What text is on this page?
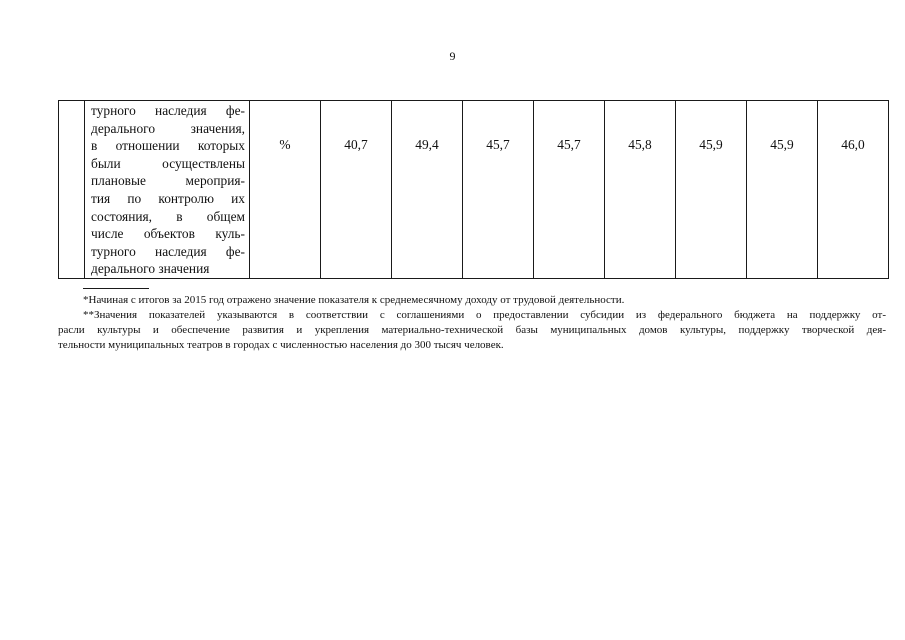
9

турного наследия фе-
дерального значения,
в отношении которых
были осуществлены
плановые мероприя-
тия по контролю их
состояния, в общем
числе объектов куль-
турного наследия фе-
дерального значения
	%	40,7	49,4	45,7	45,7	45,8	45,9	45,9	46,0
*Начиная с итогов за 2015 год отражено значение показателя к среднемесячному доходу от трудовой деятельности.
**Значения показателей указываются в соответствии с соглашениями о предоставлении субсидии из федерального бюджета на поддержку от-
расли культуры и обеспечение развития и укрепления материально-технической базы муниципальных домов культуры, поддержку творческой дея-
тельности муниципальных театров в городах с численностью населения до 300 тысяч человек.
